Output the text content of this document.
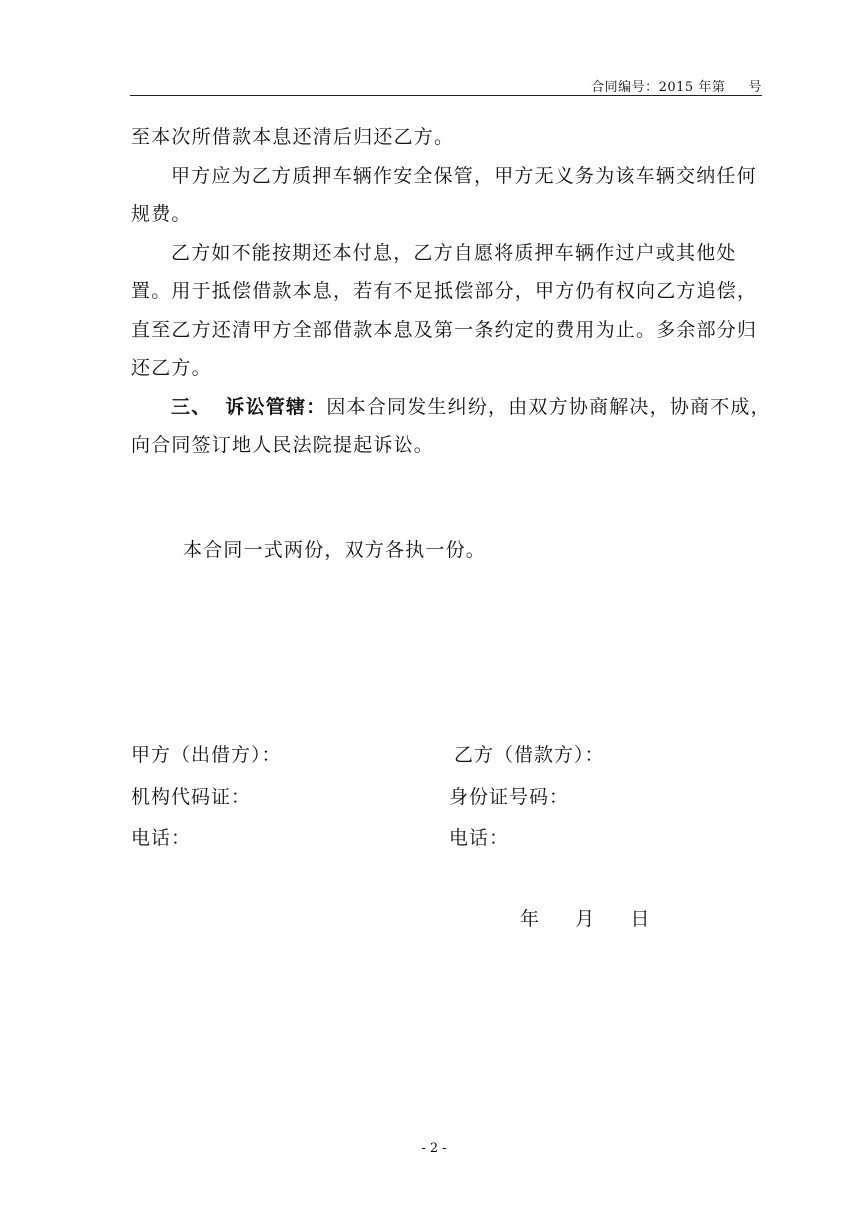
合同编号：2015 年第     号

至本次所借款本息还清后归还乙方。

甲方应为乙方质押车辆作安全保管，甲方无义务为该车辆交纳任何规费。

乙方如不能按期还本付息，乙方自愿将质押车辆作过户或其他处置。用于抵偿借款本息，若有不足抵偿部分，甲方仍有权向乙方追偿，直至乙方还清甲方全部借款本息及第一条约定的费用为止。多余部分归还乙方。

三、 诉讼管辖：因本合同发生纠纷，由双方协商解决，协商不成，向合同签订地人民法院提起诉讼。

本合同一式两份，双方各执一份。
甲方（出借方）：	乙方（借款方）：
机构代码证：	身份证号码：
电话：	电话：
年      月      日
- 2 -
